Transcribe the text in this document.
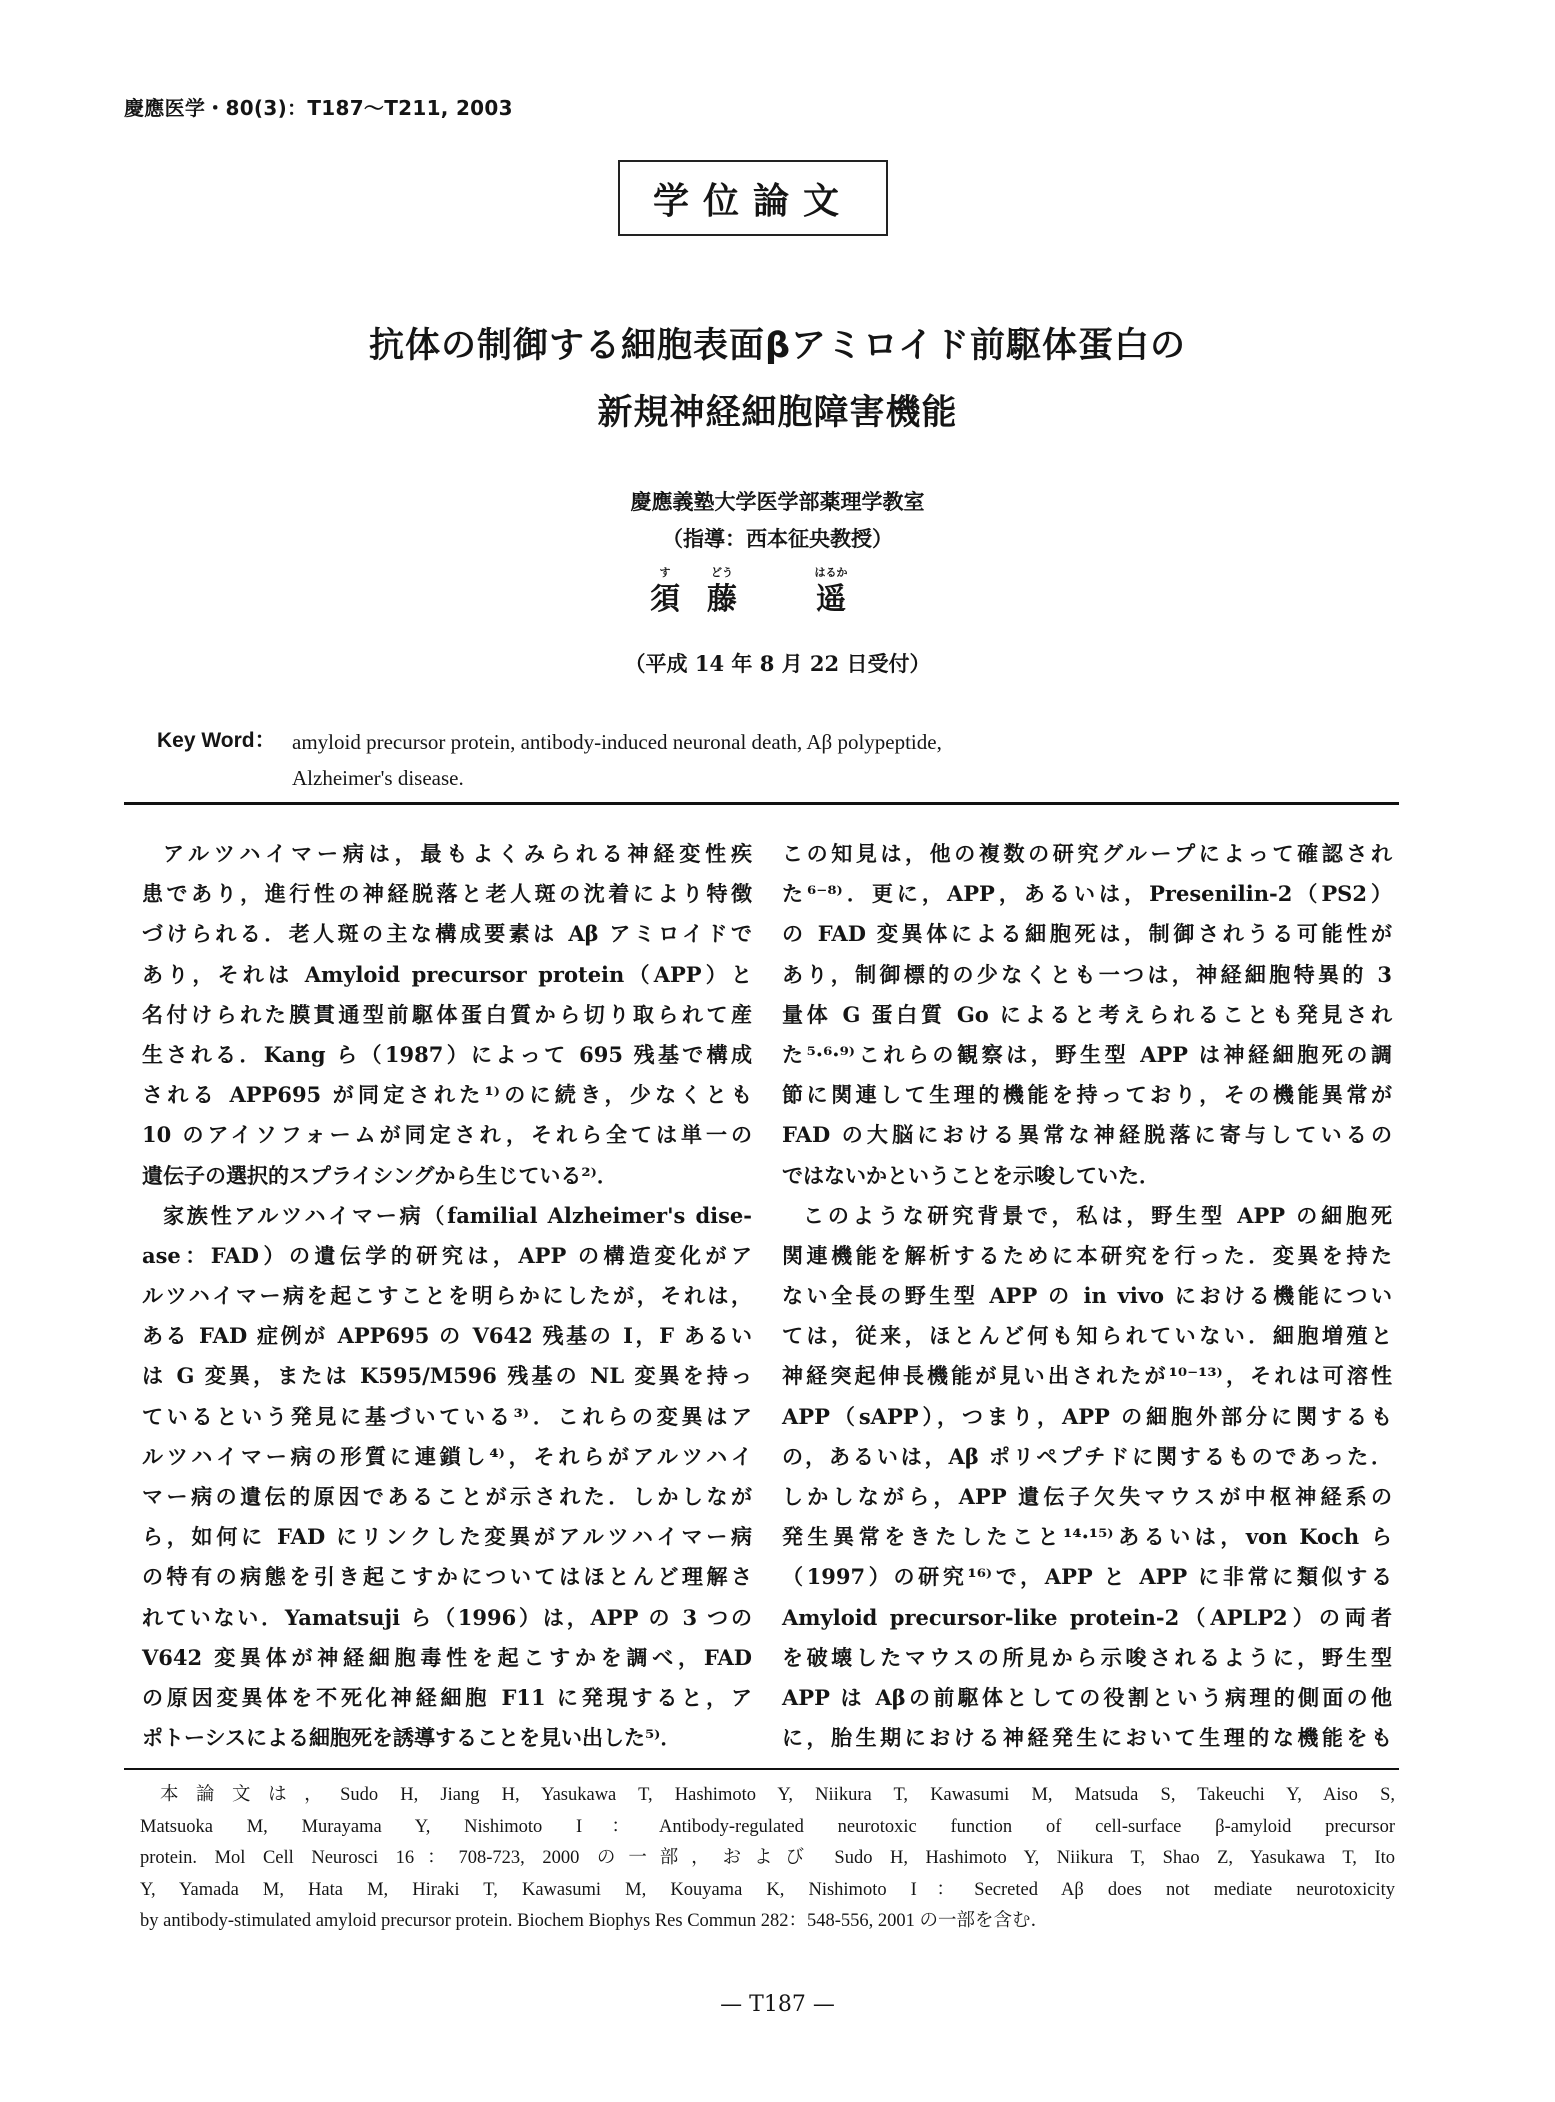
慶應医学・80(3)：T187～T211, 2003
学位論文
抗体の制御する細胞表面βアミロイド前駆体蛋白の
新規神経細胞障害機能
慶應義塾大学医学部薬理学教室
（指導：西本征央教授）
す
須
どう
藤
はるか
遥
（平成 14 年 8 月 22 日受付）
Key Word： amyloid precursor protein, antibody-induced neuronal death, Aβ polypeptide,
Alzheimer's disease.
アルツハイマー病は，最もよくみられる神経変性疾
患であり，進行性の神経脱落と老人斑の沈着により特徴
づけられる．老人斑の主な構成要素は Aβ アミロイドで
あり，それは Amyloid precursor protein（APP）と
名付けられた膜貫通型前駆体蛋白質から切り取られて産
生される．Kang ら（1987）によって 695 残基で構成
される APP695 が同定された¹⁾のに続き，少なくとも
10 のアイソフォームが同定され，それら全ては単一の
遺伝子の選択的スプライシングから生じている²⁾．
家族性アルツハイマー病（familial Alzheimer's dise-
ase：FAD）の遺伝学的研究は，APP の構造変化がア
ルツハイマー病を起こすことを明らかにしたが，それは，
ある FAD 症例が APP695 の V642 残基の I，F あるい
は G 変異，または K595/M596 残基の NL 変異を持っ
ているという発見に基づいている³⁾．これらの変異はア
ルツハイマー病の形質に連鎖し⁴⁾，それらがアルツハイ
マー病の遺伝的原因であることが示された．しかしなが
ら，如何に FAD にリンクした変異がアルツハイマー病
の特有の病態を引き起こすかについてはほとんど理解さ
れていない．Yamatsuji ら（1996）は，APP の 3 つの
V642 変異体が神経細胞毒性を起こすかを調べ，FAD
の原因変異体を不死化神経細胞 F11 に発現すると，ア
ポトーシスによる細胞死を誘導することを見い出した⁵⁾．
この知見は，他の複数の研究グループによって確認され
た⁶⁻⁸⁾．更に，APP，あるいは，Presenilin-2（PS2）
の FAD 変異体による細胞死は，制御されうる可能性が
あり，制御標的の少なくとも一つは，神経細胞特異的 3
量体 G 蛋白質 Go によると考えられることも発見され
た⁵·⁶·⁹⁾これらの観察は，野生型 APP は神経細胞死の調
節に関連して生理的機能を持っており，その機能異常が
FAD の大脳における異常な神経脱落に寄与しているの
ではないかということを示唆していた．
このような研究背景で，私は，野生型 APP の細胞死
関連機能を解析するために本研究を行った．変異を持た
ない全長の野生型 APP の in vivo における機能につい
ては，従来，ほとんど何も知られていない．細胞増殖と
神経突起伸長機能が見い出されたが¹⁰⁻¹³⁾，それは可溶性
APP（sAPP），つまり，APP の細胞外部分に関するも
の，あるいは，Aβ ポリペプチドに関するものであった．
しかしながら，APP 遺伝子欠失マウスが中枢神経系の
発生異常をきたしたこと¹⁴·¹⁵⁾あるいは，von Koch ら
（1997）の研究¹⁶⁾で，APP と APP に非常に類似する
Amyloid precursor-like protein-2（APLP2）の両者
を破壊したマウスの所見から示唆されるように，野生型
APP は Aβの前駆体としての役割という病理的側面の他
に，胎生期における神経発生において生理的な機能をも
本論文は，Sudo H, Jiang H, Yasukawa T, Hashimoto Y, Niikura T, Kawasumi M, Matsuda S, Takeuchi Y, Aiso S,
Matsuoka M, Murayama Y, Nishimoto I：Antibody-regulated neurotoxic function of cell-surface β-amyloid precursor
protein. Mol Cell Neurosci 16：708-723, 2000 の一部，および Sudo H, Hashimoto Y, Niikura T, Shao Z, Yasukawa T, Ito
Y, Yamada M, Hata M, Hiraki T, Kawasumi M, Kouyama K, Nishimoto I：Secreted Aβ does not mediate neurotoxicity
by antibody-stimulated amyloid precursor protein. Biochem Biophys Res Commun 282：548-556, 2001 の一部を含む．
— T187 —
